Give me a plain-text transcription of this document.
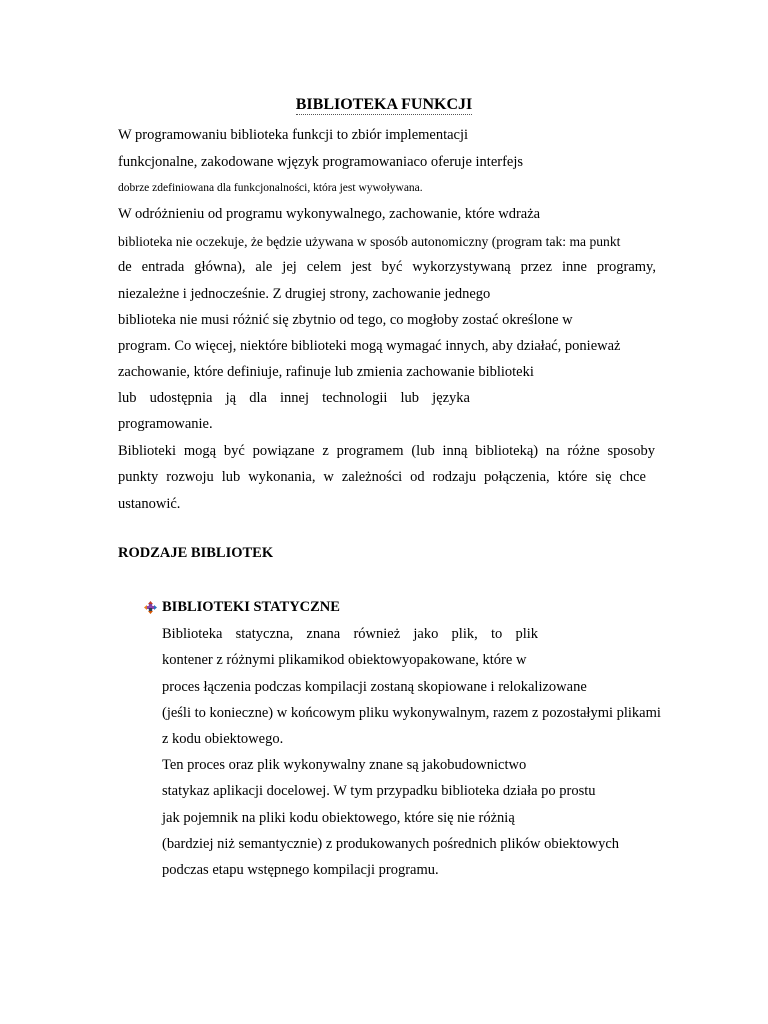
BIBLIOTEKA FUNKCJI

W programowaniu biblioteka funkcji to zbiór implementacji

funkcjonalne, zakodowane wjęzyk programowaniaco oferuje interfejs

dobrze zdefiniowana dla funkcjonalności, która jest wywoływana.

W odróżnieniu od programu wykonywalnego, zachowanie, które wdraża

biblioteka nie oczekuje, że będzie używana w sposób autonomiczny (program tak: ma punkt

de entrada główna), ale jej celem jest być wykorzystywaną przez inne programy,

niezależne i jednocześnie. Z drugiej strony, zachowanie jednego

biblioteka nie musi różnić się zbytnio od tego, co mogłoby zostać określone w

program. Co więcej, niektóre biblioteki mogą wymagać innych, aby działać, ponieważ

zachowanie, które definiuje, rafinuje lub zmienia zachowanie biblioteki

lub udostępnia ją dla innej technologii lub języka

programowanie.

Biblioteki mogą być powiązane z programem (lub inną biblioteką) na różne sposoby

punkty rozwoju lub wykonania, w zależności od rodzaju połączenia, które się chce

ustanowić.

RODZAJE BIBLIOTEK
BIBLIOTEKI STATYCZNE

Biblioteka statyczna, znana również jako plik, to plik

kontener z różnymi plikamikod obiektowyopakowane, które w

proces łączenia podczas kompilacji zostaną skopiowane i relokalizowane

(jeśli to konieczne) w końcowym pliku wykonywalnym, razem z pozostałymi plikami

z kodu obiektowego.

Ten proces oraz plik wykonywalny znane są jakobudownictwo

statykaz aplikacji docelowej. W tym przypadku biblioteka działa po prostu

jak pojemnik na pliki kodu obiektowego, które się nie różnią

(bardziej niż semantycznie) z produkowanych pośrednich plików obiektowych

podczas etapu wstępnego kompilacji programu.
